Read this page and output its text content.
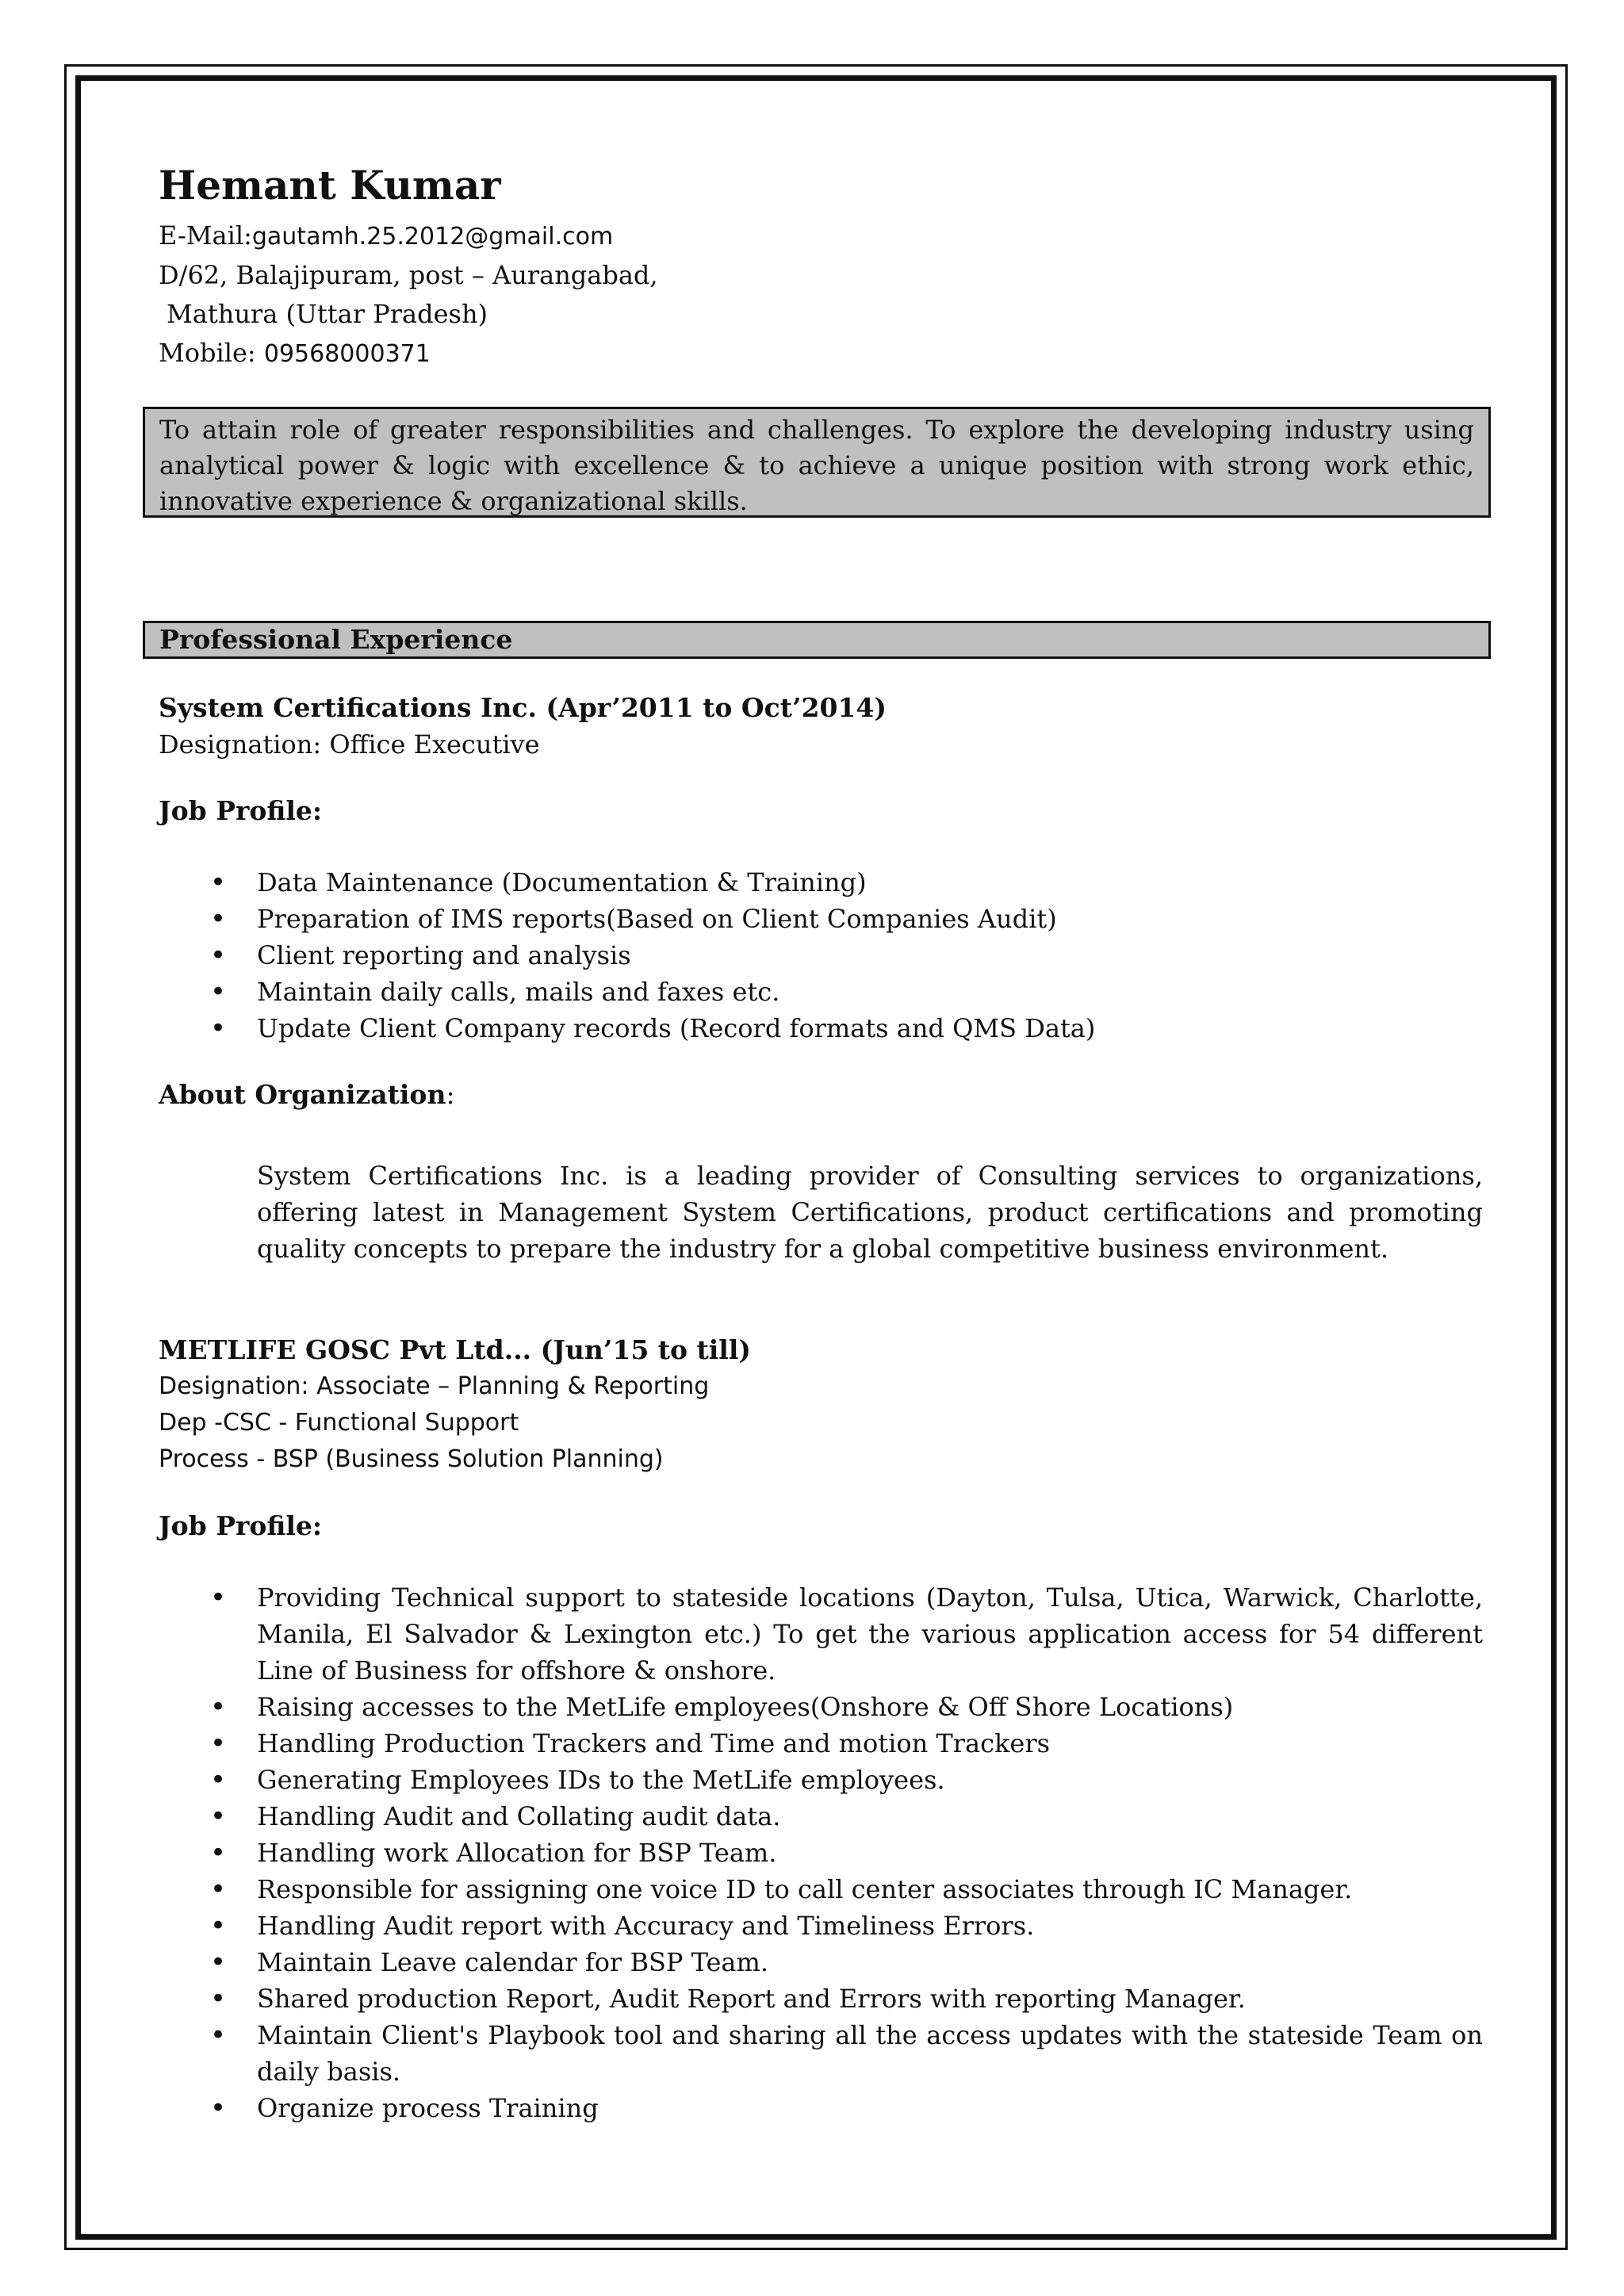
Hemant Kumar

E-Mail:gautamh.25.2012@gmail.com

D/62, Balajipuram, post – Aurangabad,

Mathura (Uttar Pradesh)

Mobile: 09568000371

To attain role of greater responsibilities and challenges. To explore the developing industry using analytical power & logic with excellence & to achieve a unique position with strong work ethic, innovative experience & organizational skills.
Professional Experience

System Certifications Inc. (Apr’2011 to Oct’2014)

Designation: Office Executive

Job Profile:

• Data Maintenance (Documentation & Training)
• Preparation of IMS reports(Based on Client Companies Audit)
• Client reporting and analysis
• Maintain daily calls, mails and faxes etc.
• Update Client Company records (Record formats and QMS Data)

About Organization:

System Certifications Inc. is a leading provider of Consulting services to organizations, offering latest in Management System Certifications, product certifications and promoting quality concepts to prepare the industry for a global competitive business environment.

METLIFE GOSC Pvt Ltd... (Jun’15 to till)

Designation: Associate – Planning & Reporting

Dep -CSC - Functional Support

Process - BSP (Business Solution Planning)

Job Profile:

• Providing Technical support to stateside locations (Dayton, Tulsa, Utica, Warwick, Charlotte, Manila, El Salvador & Lexington etc.) To get the various application access for 54 different Line of Business for offshore & onshore.
• Raising accesses to the MetLife employees(Onshore & Off Shore Locations)
• Handling Production Trackers and Time and motion Trackers
• Generating Employees IDs to the MetLife employees.
• Handling Audit and Collating audit data.
• Handling work Allocation for BSP Team.
• Responsible for assigning one voice ID to call center associates through IC Manager.
• Handling Audit report with Accuracy and Timeliness Errors.
• Maintain Leave calendar for BSP Team.
• Shared production Report, Audit Report and Errors with reporting Manager.
• Maintain Client's Playbook tool and sharing all the access updates with the stateside Team on daily basis.
• Organize process Training
